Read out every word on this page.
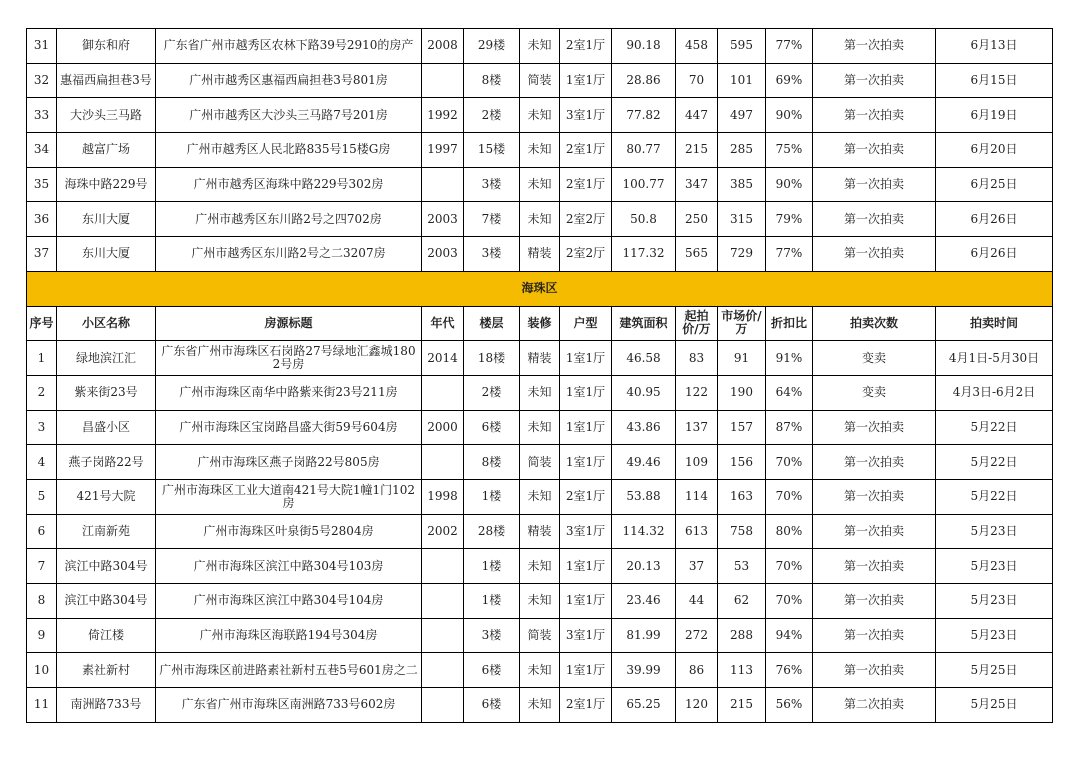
31	御东和府	广东省广州市越秀区农林下路39号2910的房产	2008	29楼	未知	2室1厅	90.18	458	595	77%	第一次拍卖	6月13日
32	惠福西扁担巷3号	广州市越秀区惠福西扁担巷3号801房		8楼	简装	1室1厅	28.86	70	101	69%	第一次拍卖	6月15日
33	大沙头三马路	广州市越秀区大沙头三马路7号201房	1992	2楼	未知	3室1厅	77.82	447	497	90%	第一次拍卖	6月19日
34	越富广场	广州市越秀区人民北路835号15楼G房	1997	15楼	未知	2室1厅	80.77	215	285	75%	第一次拍卖	6月20日
35	海珠中路229号	广州市越秀区海珠中路229号302房		3楼	未知	2室1厅	100.77	347	385	90%	第一次拍卖	6月25日
36	东川大厦	广州市越秀区东川路2号之四702房	2003	7楼	未知	2室2厅	50.8	250	315	79%	第一次拍卖	6月26日
37	东川大厦	广州市越秀区东川路2号之二3207房	2003	3楼	精装	2室2厅	117.32	565	729	77%	第一次拍卖	6月26日
海珠区												
序号	小区名称	房源标题	年代	楼层	装修	户型	建筑面积	起拍价/万	市场价/万	折扣比	拍卖次数	拍卖时间
1	绿地滨江汇	广东省广州市海珠区石岗路27号绿地汇鑫城1802号房	2014	18楼	精装	1室1厅	46.58	83	91	91%	变卖	4月1日-5月30日
2	紫来街23号	广州市海珠区南华中路紫来街23号211房		2楼	未知	1室1厅	40.95	122	190	64%	变卖	4月3日-6月2日
3	昌盛小区	广州市海珠区宝岗路昌盛大街59号604房	2000	6楼	未知	1室1厅	43.86	137	157	87%	第一次拍卖	5月22日
4	燕子岗路22号	广州市海珠区燕子岗路22号805房		8楼	简装	1室1厅	49.46	109	156	70%	第一次拍卖	5月22日
5	421号大院	广州市海珠区工业大道南421号大院1幢1门102房	1998	1楼	未知	2室1厅	53.88	114	163	70%	第一次拍卖	5月22日
6	江南新苑	广州市海珠区叶泉街5号2804房	2002	28楼	精装	3室1厅	114.32	613	758	80%	第一次拍卖	5月23日
7	滨江中路304号	广州市海珠区滨江中路304号103房		1楼	未知	1室1厅	20.13	37	53	70%	第一次拍卖	5月23日
8	滨江中路304号	广州市海珠区滨江中路304号104房		1楼	未知	1室1厅	23.46	44	62	70%	第一次拍卖	5月23日
9	倚江楼	广州市海珠区海联路194号304房		3楼	简装	3室1厅	81.99	272	288	94%	第一次拍卖	5月23日
10	素社新村	广州市海珠区前进路素社新村五巷5号601房之二		6楼	未知	1室1厅	39.99	86	113	76%	第一次拍卖	5月25日
11	南洲路733号	广东省广州市海珠区南洲路733号602房		6楼	未知	2室1厅	65.25	120	215	56%	第二次拍卖	5月25日
